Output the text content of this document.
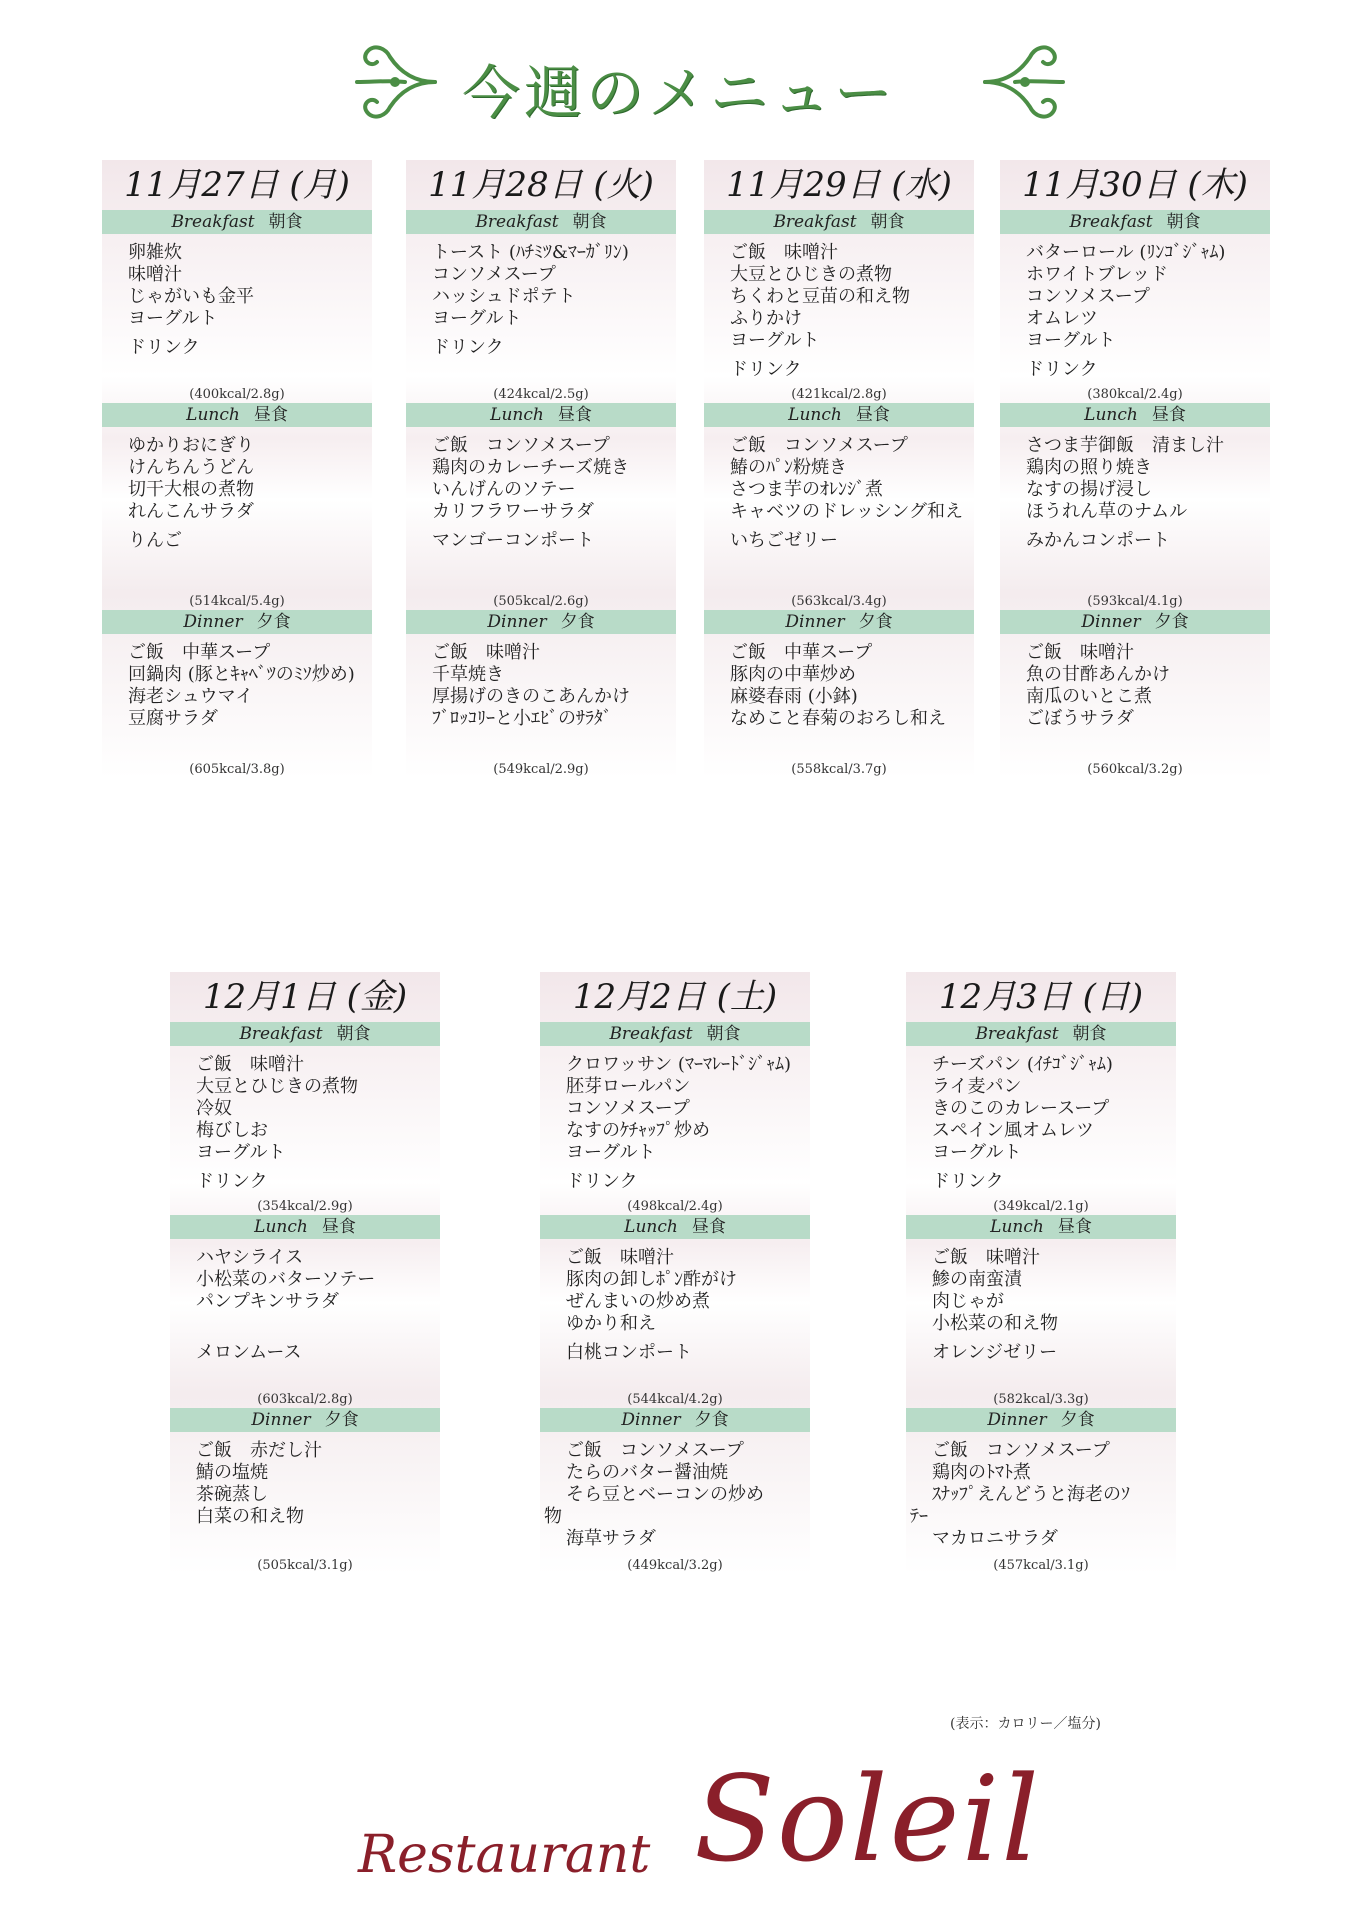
今週のメニュー
11月27日 (月)
Breakfast 朝食
卵雑炊
味噌汁
じゃがいも金平
ヨーグルト
ドリンク
(400kcal/2.8g)
Lunch 昼食
ゆかりおにぎり
けんちんうどん
切干大根の煮物
れんこんサラダ
りんご
(514kcal/5.4g)
Dinner 夕食
ご飯　中華スープ
回鍋肉 (豚とｷｬﾍﾞﾂのﾐｿ炒め)
海老シュウマイ
豆腐サラダ
(605kcal/3.8g)
11月28日 (火)
Breakfast 朝食
トースト (ﾊﾁﾐﾂ&ﾏｰｶﾞﾘﾝ)
コンソメスープ
ハッシュドポテト
ヨーグルト
ドリンク
(424kcal/2.5g)
Lunch 昼食
ご飯　コンソメスープ
鶏肉のカレーチーズ焼き
いんげんのソテー
カリフラワーサラダ
マンゴーコンポート
(505kcal/2.6g)
Dinner 夕食
ご飯　味噌汁
千草焼き
厚揚げのきのこあんかけ
ﾌﾞﾛｯｺﾘｰと小ｴﾋﾞのｻﾗﾀﾞ
(549kcal/2.9g)
11月29日 (水)
Breakfast 朝食
ご飯　味噌汁
大豆とひじきの煮物
ちくわと豆苗の和え物
ふりかけ
ヨーグルト
ドリンク
(421kcal/2.8g)
Lunch 昼食
ご飯　コンソメスープ
鰆のﾊﾟﾝ粉焼き
さつま芋のｵﾚﾝｼﾞ煮
キャベツのドレッシング和え
いちごゼリー
(563kcal/3.4g)
Dinner 夕食
ご飯　中華スープ
豚肉の中華炒め
麻婆春雨 (小鉢)
なめこと春菊のおろし和え
(558kcal/3.7g)
11月30日 (木)
Breakfast 朝食
バターロール (ﾘﾝｺﾞｼﾞｬﾑ)
ホワイトブレッド
コンソメスープ
オムレツ
ヨーグルト
ドリンク
(380kcal/2.4g)
Lunch 昼食
さつま芋御飯　清まし汁
鶏肉の照り焼き
なすの揚げ浸し
ほうれん草のナムル
みかんコンポート
(593kcal/4.1g)
Dinner 夕食
ご飯　味噌汁
魚の甘酢あんかけ
南瓜のいとこ煮
ごぼうサラダ
(560kcal/3.2g)
12月1日 (金)
Breakfast 朝食
ご飯　味噌汁
大豆とひじきの煮物
冷奴
梅びしお
ヨーグルト
ドリンク
(354kcal/2.9g)
Lunch 昼食
ハヤシライス
小松菜のバターソテー
パンプキンサラダ
メロンムース
(603kcal/2.8g)
Dinner 夕食
ご飯　赤だし汁
鯖の塩焼
茶碗蒸し
白菜の和え物
(505kcal/3.1g)
12月2日 (土)
Breakfast 朝食
クロワッサン (ﾏｰﾏﾚｰﾄﾞｼﾞｬﾑ)
胚芽ロールパン
コンソメスープ
なすのｹﾁｬｯﾌﾟ炒め
ヨーグルト
ドリンク
(498kcal/2.4g)
Lunch 昼食
ご飯　味噌汁
豚肉の卸しﾎﾟﾝ酢がけ
ぜんまいの炒め煮
ゆかり和え
白桃コンポート
(544kcal/4.2g)
Dinner 夕食
ご飯　コンソメスープ
たらのバター醤油焼
そら豆とベーコンの炒め
物
海草サラダ
(449kcal/3.2g)
12月3日 (日)
Breakfast 朝食
チーズパン (ｲﾁｺﾞｼﾞｬﾑ)
ライ麦パン
きのこのカレースープ
スペイン風オムレツ
ヨーグルト
ドリンク
(349kcal/2.1g)
Lunch 昼食
ご飯　味噌汁
鯵の南蛮漬
肉じゃが
小松菜の和え物
オレンジゼリー
(582kcal/3.3g)
Dinner 夕食
ご飯　コンソメスープ
鶏肉のﾄﾏﾄ煮
ｽﾅｯﾌﾟえんどうと海老のｿ
ﾃｰ
マカロニサラダ
(457kcal/3.1g)
(表示：カロリー／塩分)
Restaurant Soleil
